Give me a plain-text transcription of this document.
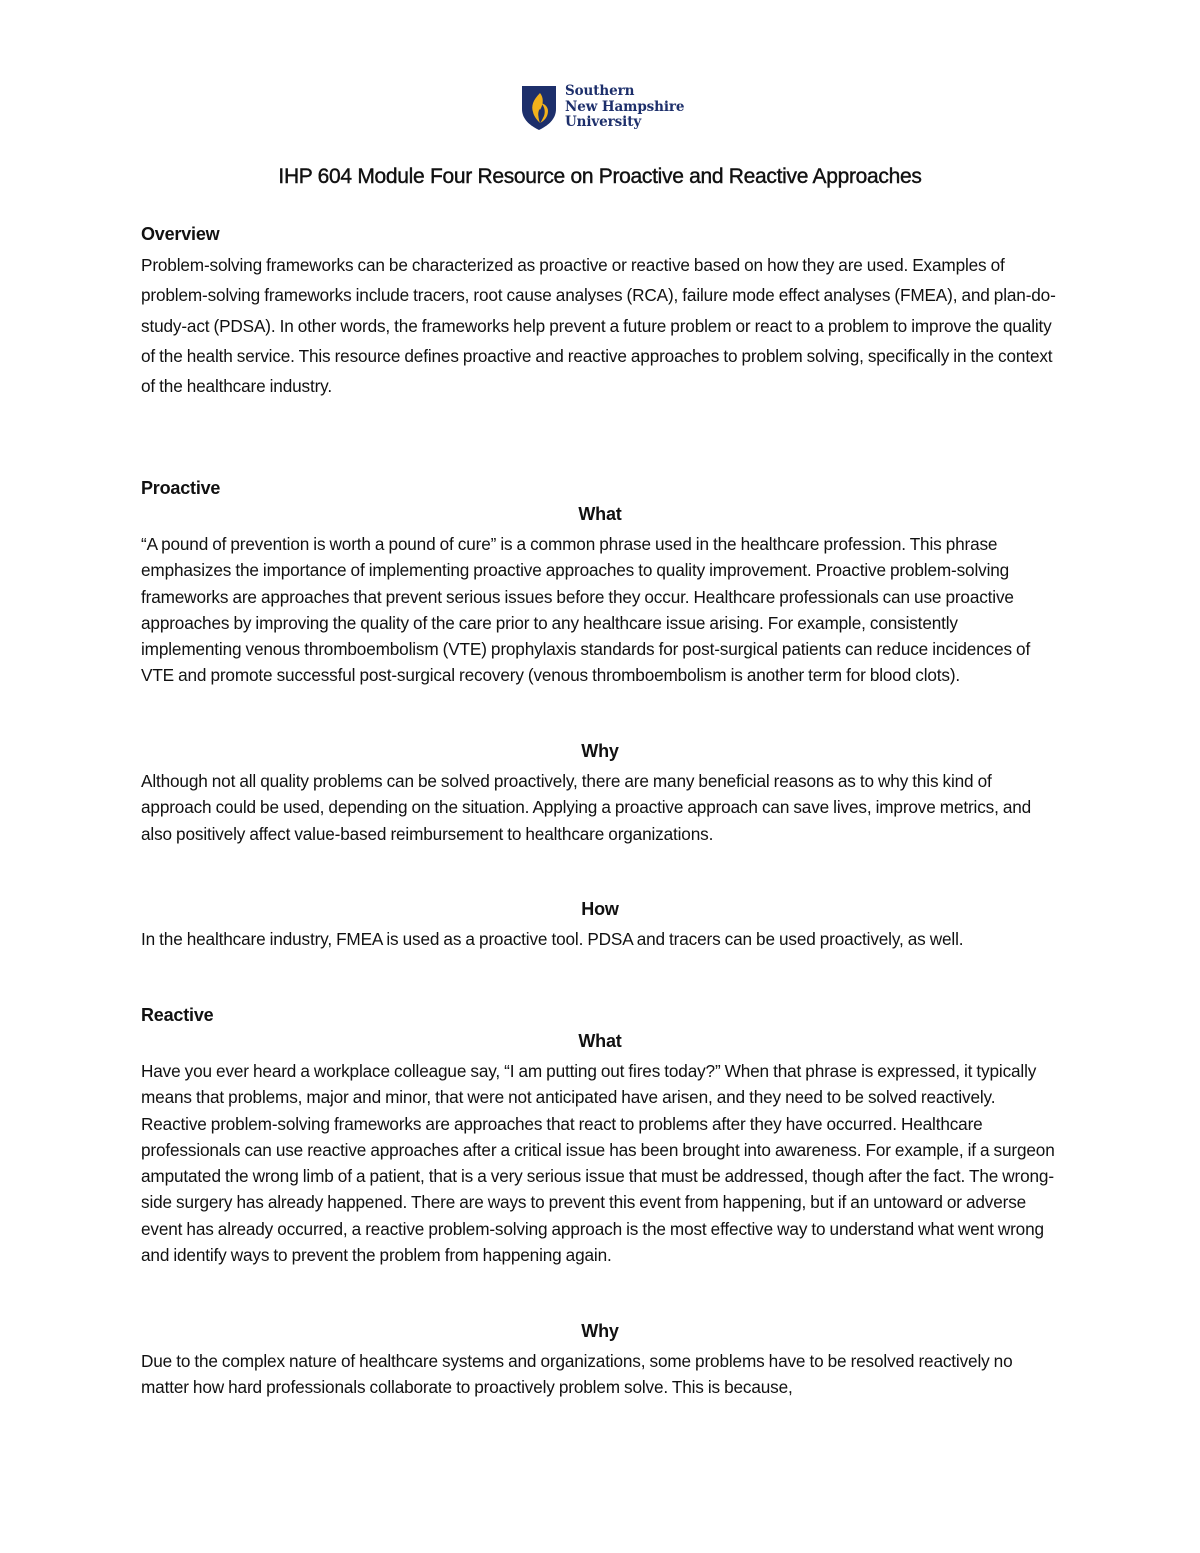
Southern
New Hampshire
University
IHP 604 Module Four Resource on Proactive and Reactive Approaches
Overview
Problem-solving frameworks can be characterized as proactive or reactive based on how they are used. Examples of problem-solving frameworks include tracers, root cause analyses (RCA), failure mode effect analyses (FMEA), and plan-do-study-act (PDSA). In other words, the frameworks help prevent a future problem or react to a problem to improve the quality of the health service. This resource defines proactive and reactive approaches to problem solving, specifically in the context of the healthcare industry.
Proactive
What
“A pound of prevention is worth a pound of cure” is a common phrase used in the healthcare profession. This phrase emphasizes the importance of implementing proactive approaches to quality improvement. Proactive problem-solving frameworks are approaches that prevent serious issues before they occur. Healthcare professionals can use proactive approaches by improving the quality of the care prior to any healthcare issue arising. For example, consistently implementing venous thromboembolism (VTE) prophylaxis standards for post-surgical patients can reduce incidences of VTE and promote successful post-surgical recovery (venous thromboembolism is another term for blood clots).
Why
Although not all quality problems can be solved proactively, there are many beneficial reasons as to why this kind of approach could be used, depending on the situation. Applying a proactive approach can save lives, improve metrics, and also positively affect value-based reimbursement to healthcare organizations.
How
In the healthcare industry, FMEA is used as a proactive tool. PDSA and tracers can be used proactively, as well.
Reactive
What
Have you ever heard a workplace colleague say, “I am putting out fires today?” When that phrase is expressed, it typically means that problems, major and minor, that were not anticipated have arisen, and they need to be solved reactively. Reactive problem-solving frameworks are approaches that react to problems after they have occurred. Healthcare professionals can use reactive approaches after a critical issue has been brought into awareness. For example, if a surgeon amputated the wrong limb of a patient, that is a very serious issue that must be addressed, though after the fact. The wrong-side surgery has already happened. There are ways to prevent this event from happening, but if an untoward or adverse event has already occurred, a reactive problem-solving approach is the most effective way to understand what went wrong and identify ways to prevent the problem from happening again.
Why
Due to the complex nature of healthcare systems and organizations, some problems have to be resolved reactively no matter how hard professionals collaborate to proactively problem solve. This is because,
